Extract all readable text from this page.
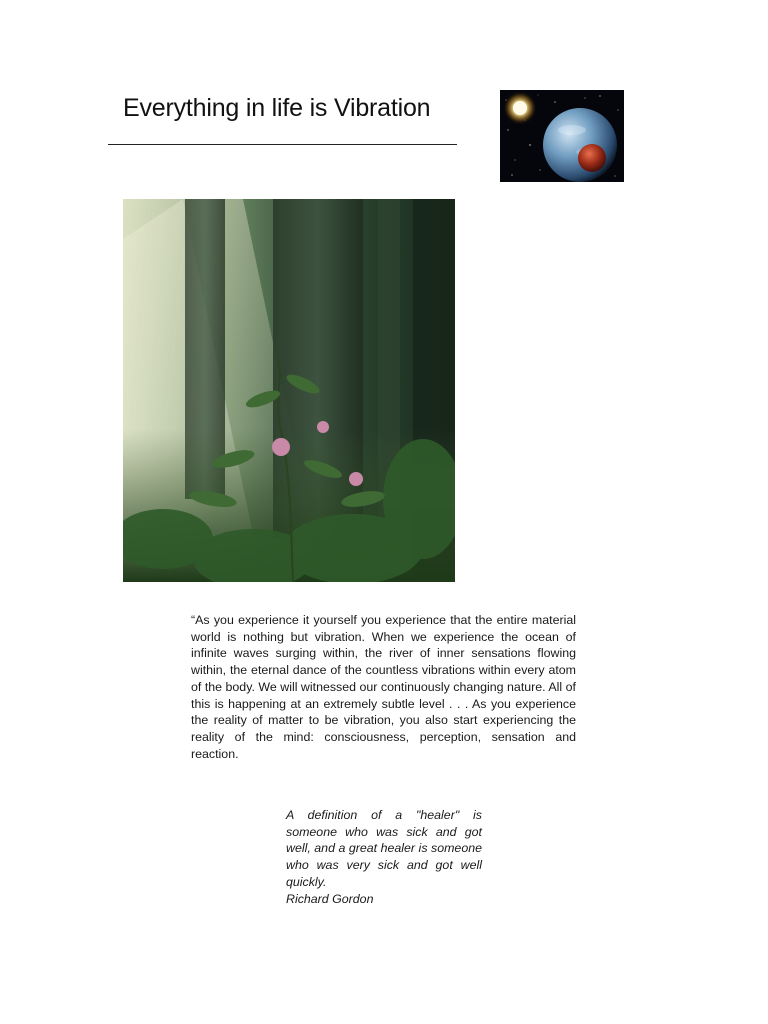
Everything in life is Vibration

“As you experience it yourself you experience that the entire material world is nothing but vibration. When we experience the ocean of infinite waves surging within, the river of inner sensations flowing within, the eternal dance of the countless vibrations within every atom of the body. We will witnessed our continuously changing nature. All of this is happening at an extremely subtle level . . . As you experience the reality of matter to be vibration, you also start experiencing the reality of the mind: consciousness, perception, sensation and reaction.

A definition of a "healer" is someone who was sick and got well, and a great healer is someone who was very sick and got well quickly.

Richard Gordon
